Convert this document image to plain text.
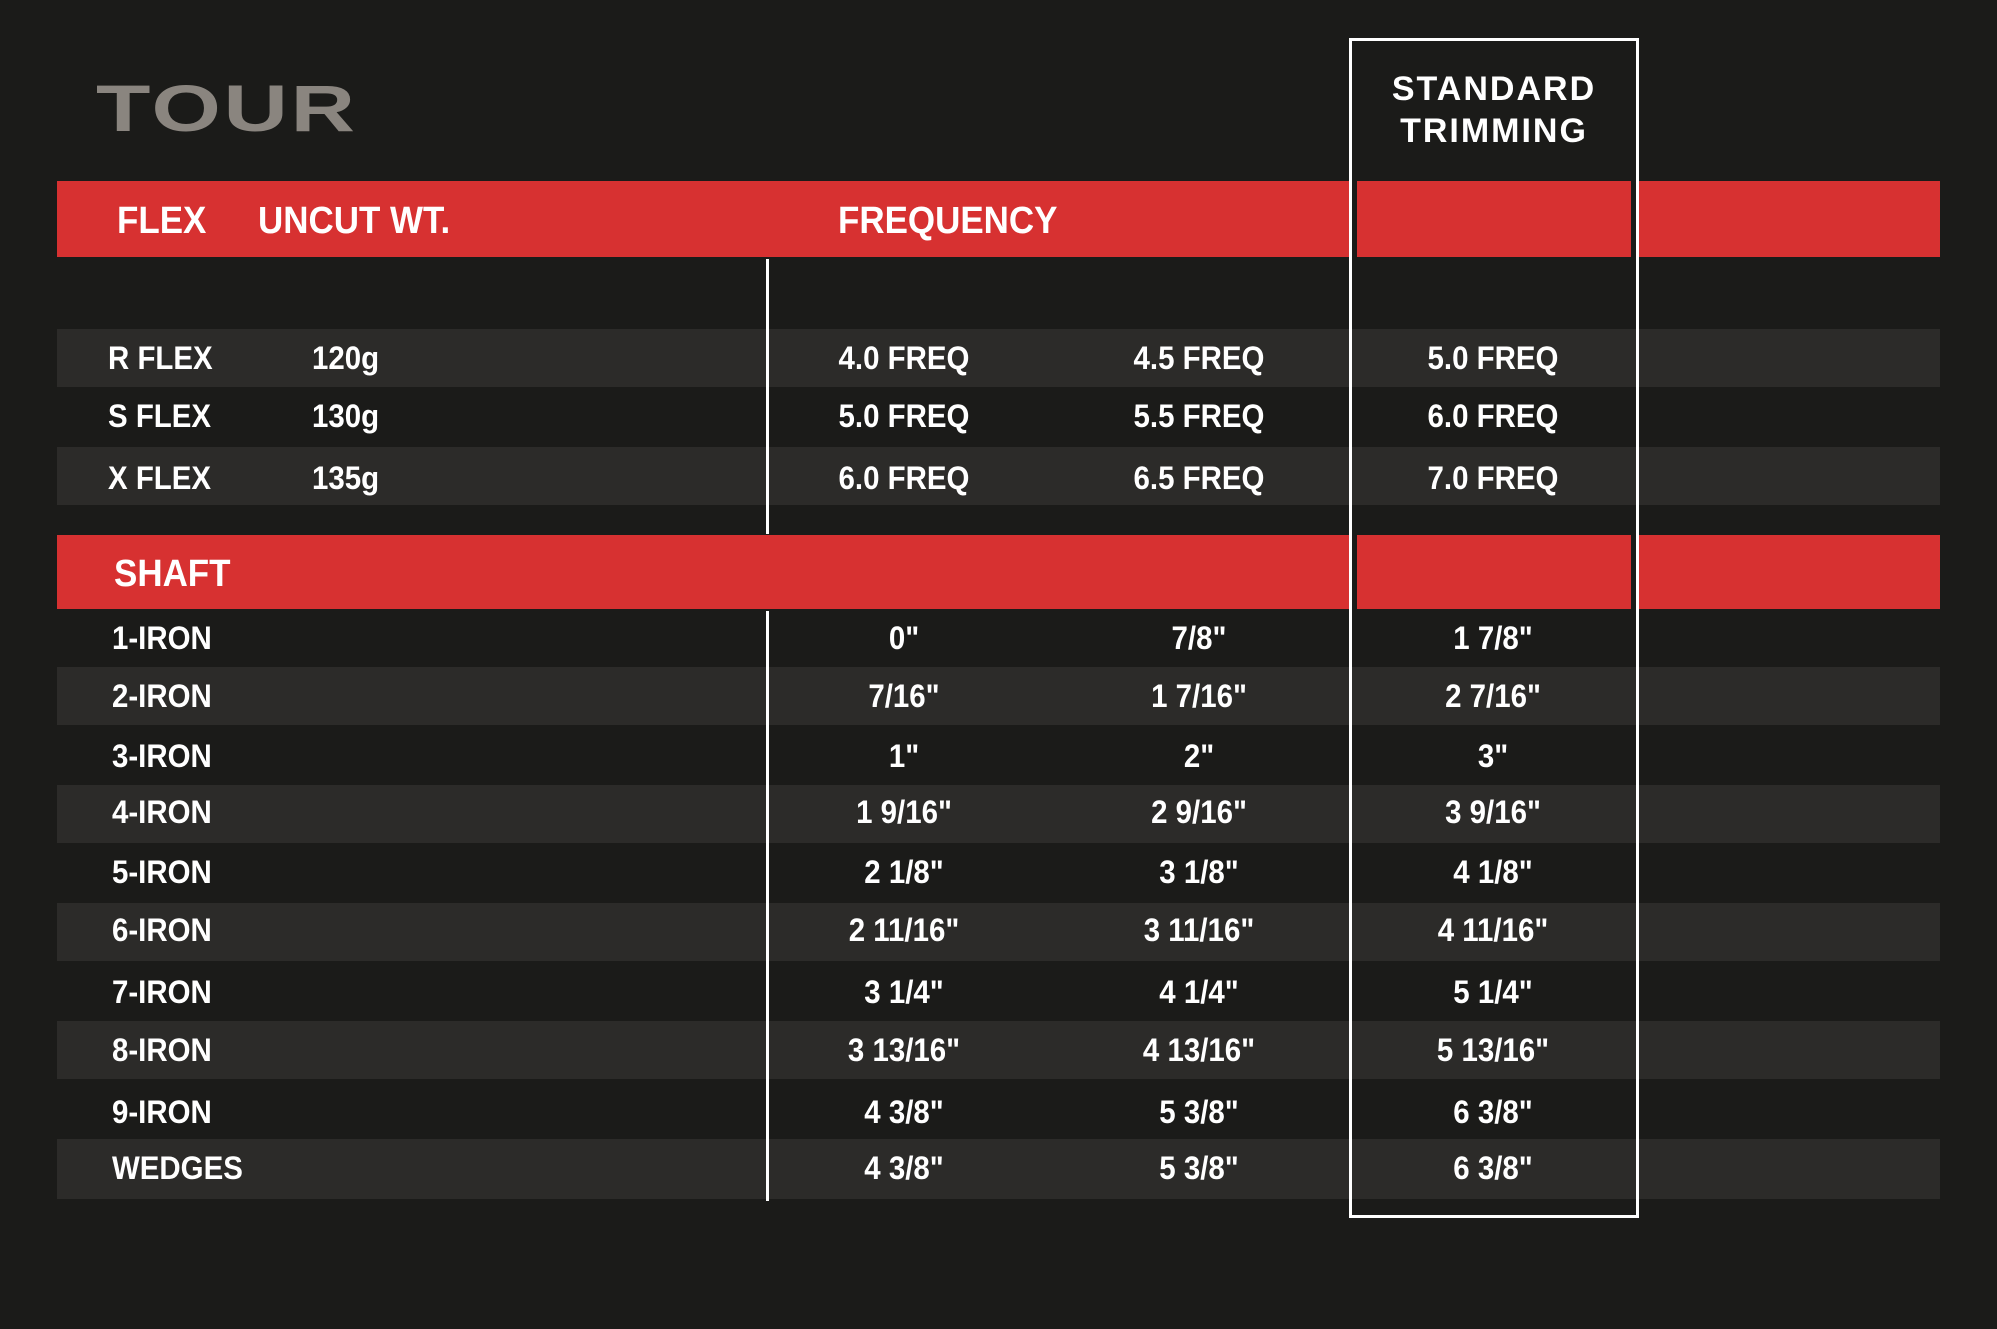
TOUR	STANDARD
TRIMMING
FLEX UNCUT WT.	FREQUENCY
SHAFT
R FLEX	120g	4.0 FREQ	4.5 FREQ	5.0 FREQ
S FLEX	130g	5.0 FREQ	5.5 FREQ	6.0 FREQ
X FLEX	135g	6.0 FREQ	6.5 FREQ	7.0 FREQ
1-IRON	0"	7/8"	1 7/8"
2-IRON	7/16"	1 7/16"	2 7/16"
3-IRON	1"	2"	3"
4-IRON	1 9/16"	2 9/16"	3 9/16"
5-IRON	2 1/8"	3 1/8"	4 1/8"
6-IRON	2 11/16"	3 11/16"	4 11/16"
7-IRON	3 1/4"	4 1/4"	5 1/4"
8-IRON	3 13/16"	4 13/16"	5 13/16"
9-IRON	4 3/8"	5 3/8"	6 3/8"
WEDGES	4 3/8"	5 3/8"	6 3/8"
